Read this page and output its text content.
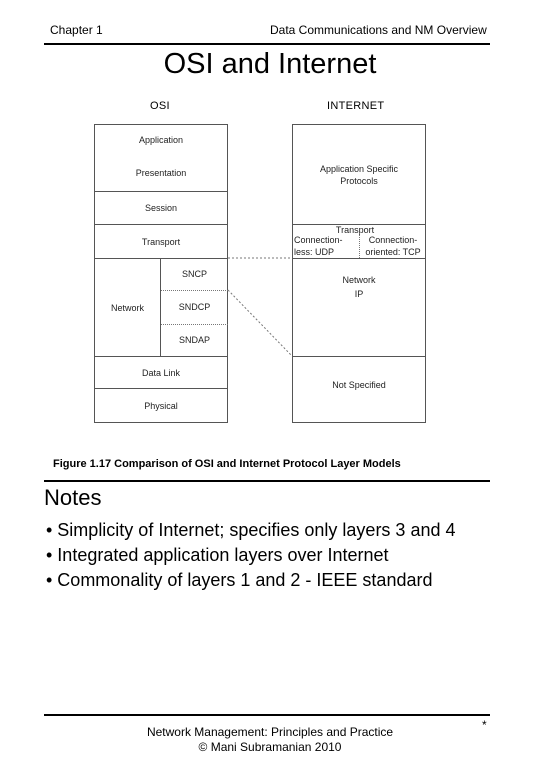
Chapter 1	Data Communications and NM Overview
OSI and Internet
OSI	INTERNET
Application
Presentation
Session
Transport
Network
SNCP
SNDCP
SNDAP
Data Link
Physical
Application Specific Protocols
Transport
Connection-less: UDP
Connection-oriented: TCP
Network
IP
Not Specified
Figure 1.17 Comparison of OSI and Internet Protocol Layer Models
Notes
• Simplicity of Internet; specifies only layers 3 and 4
• Integrated application layers over Internet
• Commonality of layers 1 and 2 - IEEE standard
Network Management: Principles and Practice
© Mani Subramanian 2010
*
